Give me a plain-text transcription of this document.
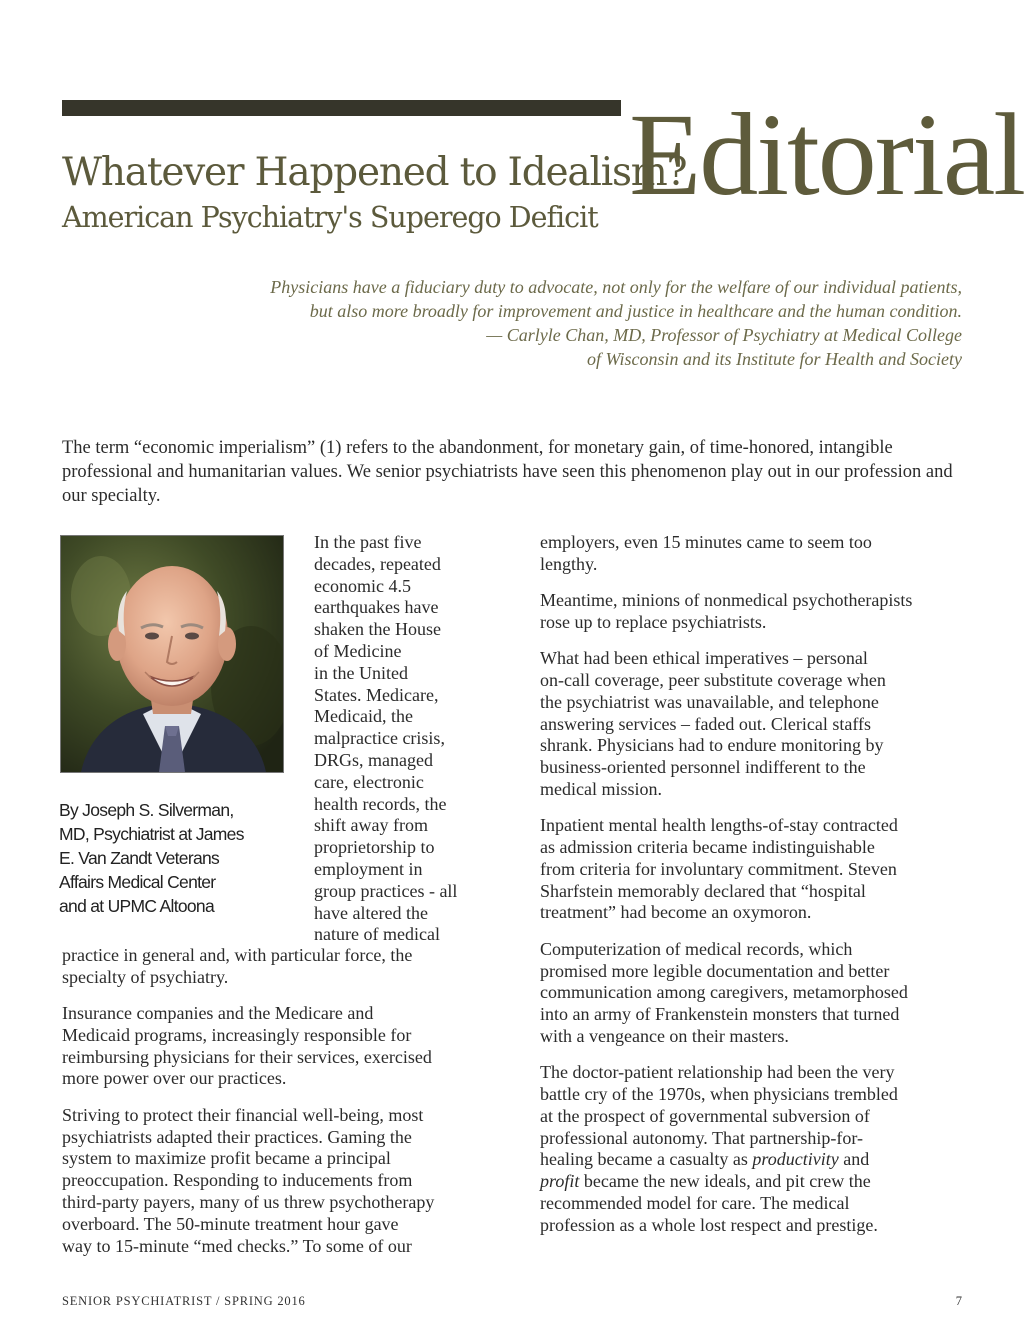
Editorial
Whatever Happened to Idealism?
American Psychiatry's Superego Deficit
Physicians have a fiduciary duty to advocate, not only for the welfare of our individual patients,
but also more broadly for improvement and justice in healthcare and the human condition.
— Carlyle Chan, MD, Professor of Psychiatry at Medical College
of Wisconsin and its Institute for Health and Society

The term “economic imperialism” (1) refers to the abandonment, for monetary gain, of time-honored, intangible professional and humanitarian values. We senior psychiatrists have seen this phenomenon play out in our profession and our specialty.

By Joseph S. Silverman,
MD, Psychiatrist at James
E. Van Zandt Veterans
Affairs Medical Center
and at UPMC Altoona
In the past five
decades, repeated
economic 4.5
earthquakes have
shaken the House
of Medicine
in the United
States. Medicare,
Medicaid, the
malpractice crisis,
DRGs, managed
care, electronic
health records, the
shift away from
proprietorship to
employment in
group practices - all
have altered the
nature of medical
practice in general and, with particular force, the
specialty of psychiatry.
Insurance companies and the Medicare and
Medicaid programs, increasingly responsible for
reimbursing physicians for their services, exercised
more power over our practices.
Striving to protect their financial well-being, most
psychiatrists adapted their practices. Gaming the
system to maximize profit became a principal
preoccupation. Responding to inducements from
third-party payers, many of us threw psychotherapy
overboard. The 50-minute treatment hour gave
way to 15-minute “med checks.” To some of our
employers, even 15 minutes came to seem too
lengthy.
Meantime, minions of nonmedical psychotherapists
rose up to replace psychiatrists.
What had been ethical imperatives – personal
on-call coverage, peer substitute coverage when
the psychiatrist was unavailable, and telephone
answering services – faded out. Clerical staffs
shrank. Physicians had to endure monitoring by
business-oriented personnel indifferent to the
medical mission.
Inpatient mental health lengths-of-stay contracted
as admission criteria became indistinguishable
from criteria for involuntary commitment. Steven
Sharfstein memorably declared that “hospital
treatment” had become an oxymoron.
Computerization of medical records, which
promised more legible documentation and better
communication among caregivers, metamorphosed
into an army of Frankenstein monsters that turned
with a vengeance on their masters.
The doctor-patient relationship had been the very
battle cry of the 1970s, when physicians trembled
at the prospect of governmental subversion of
professional autonomy. That partnership-for-
healing became a casualty as productivity and
profit became the new ideals, and pit crew the
recommended model for care. The medical
profession as a whole lost respect and prestige.
SENIOR PSYCHIATRIST / SPRING 2016	7
